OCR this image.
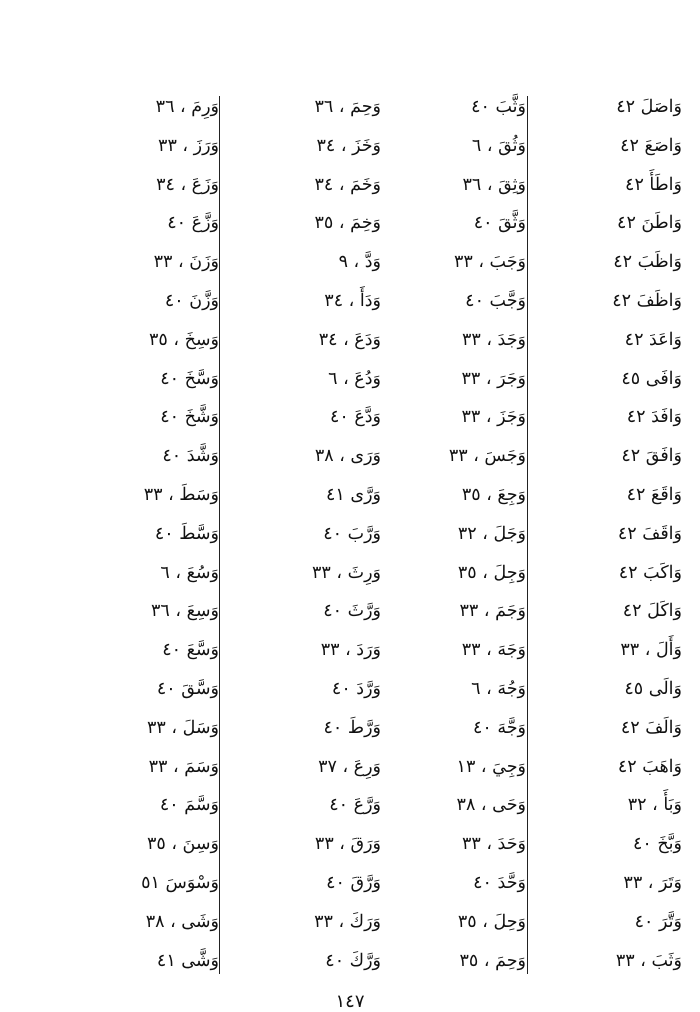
وَاصَلَ ٤٢
وَاصَعَ ٤٢
وَاطَأَ ٤٢
وَاطَنَ ٤٢
وَاظَبَ ٤٢
وَاظَفَ ٤٢
وَاعَدَ ٤٢
وَافَى ٤٥
وَافَدَ ٤٢
وَافَقَ ٤٢
وَاقَعَ ٤٢
وَاقَفَ ٤٢
وَاكَبَ ٤٢
وَاكَلَ ٤٢
وَأَلَ ، ٣٣
وَالَى ٤٥
وَالَفَ ٤٢
وَاهَبَ ٤٢
وَبَأَ ، ٣٢
وَبَّخَ ٤٠
وَتَرَ ، ٣٣
وَتَّرَ ٤٠
وَثَبَ ، ٣٣
وَثَّبَ ٤٠
وَثُقَ ، ٦
وَثِقَ ، ٣٦
وَثَّقَ ٤٠
وَجَبَ ، ٣٣
وَجَّبَ ٤٠
وَجَدَ ، ٣٣
وَجَرَ ، ٣٣
وَجَزَ ، ٣٣
وَجَسَ ، ٣٣
وَجِعَ ، ٣٥
وَجَلَ ، ٣٢
وَجِلَ ، ٣٥
وَجَمَ ، ٣٣
وَجَهَ ، ٣٣
وَجُهَ ، ٦
وَجَّهَ ٤٠
وَجِيَ ، ١٣
وَحَى ، ٣٨
وَحَدَ ، ٣٣
وَحَّدَ ٤٠
وَحِلَ ، ٣٥
وَحِمَ ، ٣٥
وَحِمَ ، ٣٦
وَخَزَ ، ٣٤
وَخَمَ ، ٣٤
وَخِمَ ، ٣٥
وَدَّ ، ٩
وَدَأَ ، ٣٤
وَدَعَ ، ٣٤
وَدُعَ ، ٦
وَدَّعَ ٤٠
وَرَى ، ٣٨
وَرَّى ٤١
وَرَّبَ ٤٠
وَرِثَ ، ٣٣
وَرَّثَ ٤٠
وَرَدَ ، ٣٣
وَرَّدَ ٤٠
وَرَّطَ ٤٠
وَرِعَ ، ٣٧
وَرَّعَ ٤٠
وَرَقَ ، ٣٣
وَرَّقَ ٤٠
وَرَكَ ، ٣٣
وَرَّكَ ٤٠
وَرِمَ ، ٣٦
وَرَزَ ، ٣٣
وَزَعَ ، ٣٤
وَزَّعَ ٤٠
وَزَنَ ، ٣٣
وَزَّنَ ٤٠
وَسِخَ ، ٣٥
وَسَّخَ ٤٠
وَشَّخَ ٤٠
وَشَّدَ ٤٠
وَسَطَ ، ٣٣
وَسَّطَ ٤٠
وَسُعَ ، ٦
وَسِعَ ، ٣٦
وَسَّعَ ٤٠
وَسَّقَ ٤٠
وَسَلَ ، ٣٣
وَسَمَ ، ٣٣
وَسَّمَ ٤٠
وَسِنَ ، ٣٥
وَسْوَسَ ٥١
وَشَى ، ٣٨
وَشَّى ٤١
١٤٧
